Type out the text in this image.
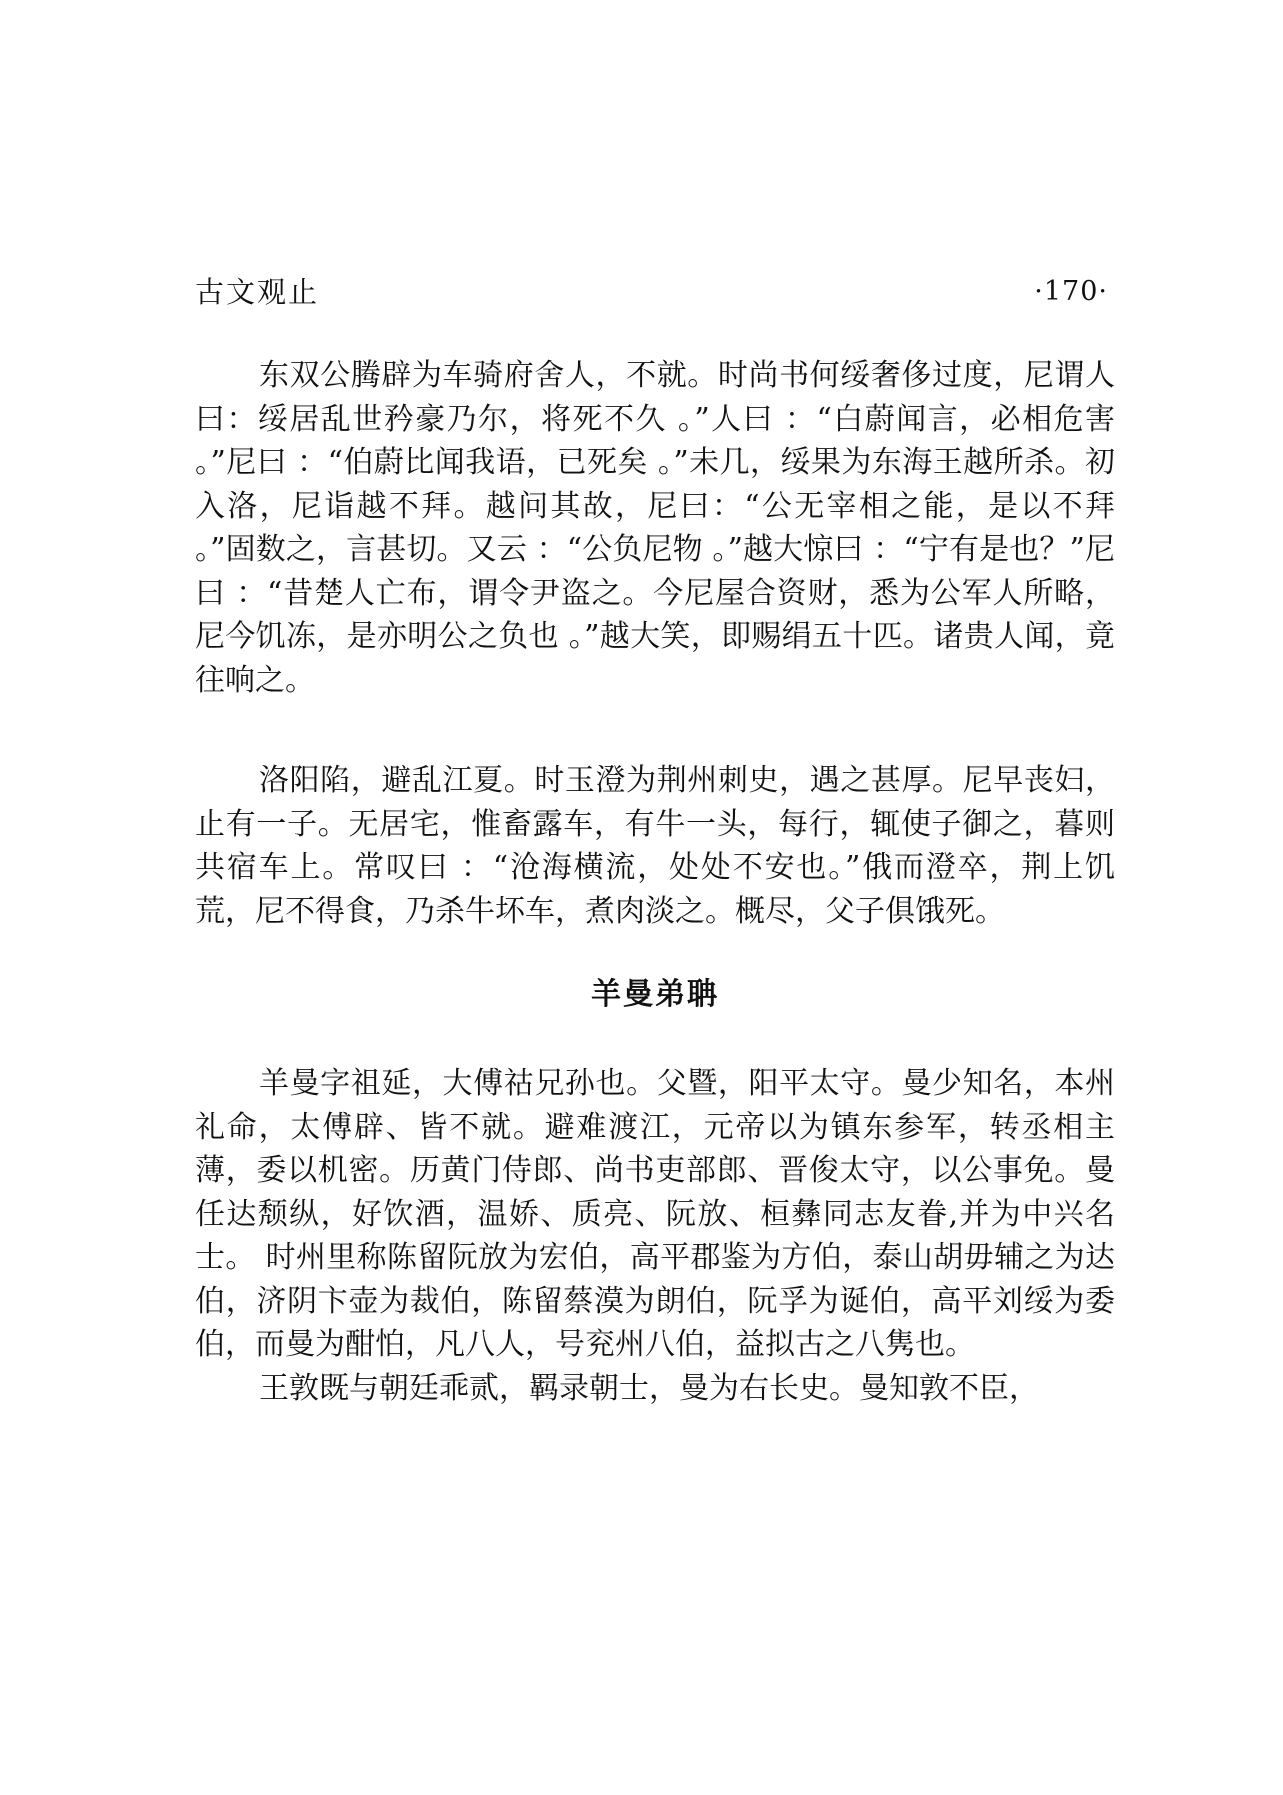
古文观止	·170·

东双公腾辟为车骑府舍人，不就。时尚书何绥奢侈过度，尼谓人曰：绥居乱世矜豪乃尔，将死不久 。”人曰 ：“白蔚闻言，必相危害 。”尼曰 ：“伯蔚比闻我语，已死矣 。”未几，绥果为东海王越所杀。初入洛，尼诣越不拜。越问其故，尼曰：“公无宰相之能，是以不拜 。”固数之，言甚切。又云 ：“公负尼物 。”越大惊曰 ：“宁有是也？”尼曰 ：“昔楚人亡布，谓令尹盗之。今尼屋合资财，悉为公军人所略，尼今饥冻，是亦明公之负也 。”越大笑，即赐绢五十匹。诸贵人闻，竟往响之。

洛阳陷，避乱江夏。时玉澄为荆州刺史，遇之甚厚。尼早丧妇，止有一子。无居宅，惟畜露车，有牛一头，每行，辄使子御之，暮则共宿车上。常叹曰 ：“沧海横流，处处不安也。”俄而澄卒，荆上饥荒，尼不得食，乃杀牛坏车，煮肉淡之。概尽，父子俱饿死。

羊曼弟聃

羊曼字祖延，大傅祜兄孙也。父暨，阳平太守。曼少知名，本州礼命，太傅辟、皆不就。避难渡江，元帝以为镇东参军，转丞相主薄，委以机密。历黄门侍郎、尚书吏部郎、晋俊太守，以公事免。曼任达颓纵，好饮酒，温娇、质亮、阮放、桓彝同志友眷,并为中兴名士。 时州里称陈留阮放为宏伯，高平郡鉴为方伯，泰山胡毋辅之为达伯，济阴卞壶为裁伯，陈留蔡漠为朗伯，阮孚为诞伯，高平刘绥为委伯，而曼为酣怕，凡八人，号兖州八伯，益拟古之八隽也。

王敦既与朝廷乖贰，羁录朝士，曼为右长史。曼知敦不臣，
